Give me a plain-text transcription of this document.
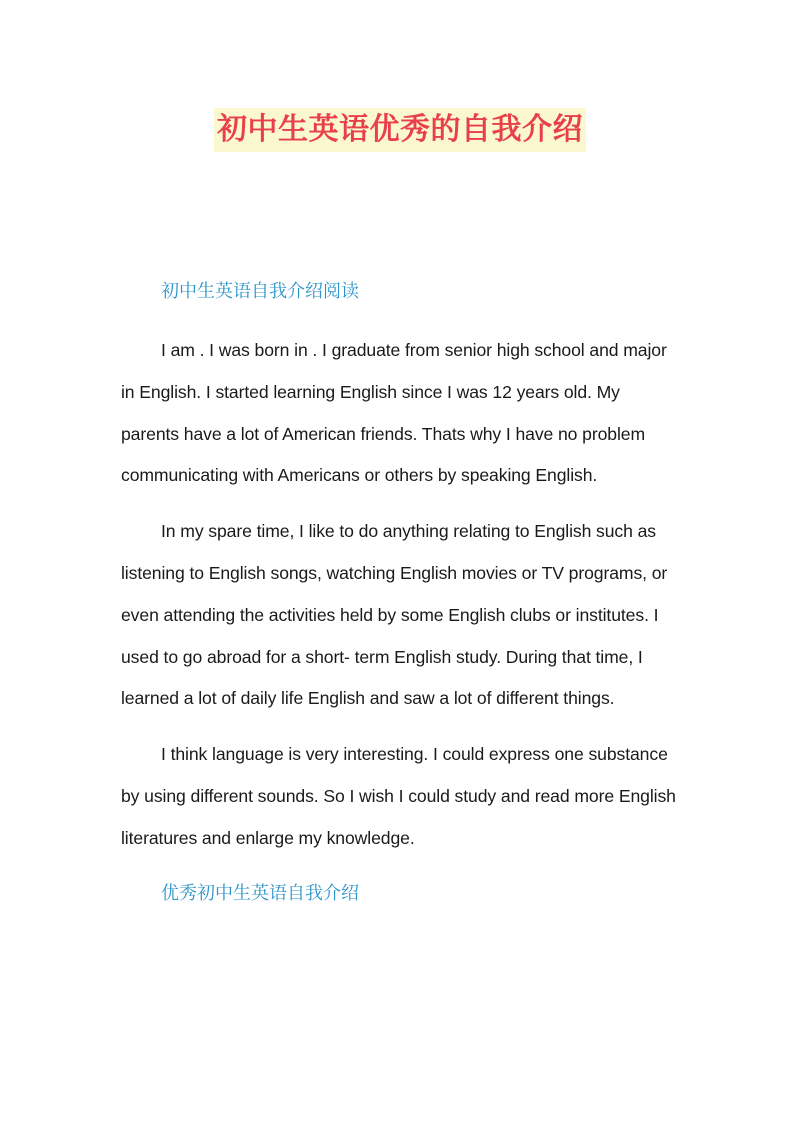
初中生英语优秀的自我介绍

初中生英语自我介绍阅读

I am . I was born in . I graduate from senior high school and major in English. I started learning English since I was 12 years old. My parents have a lot of American friends. Thats why I have no problem communicating with Americans or others by speaking English.

In my spare time, I like to do anything relating to English such as listening to English songs, watching English movies or TV programs, or even attending the activities held by some English clubs or institutes. I used to go abroad for a short- term English study. During that time, I learned a lot of daily life English and saw a lot of different things.

I think language is very interesting. I could express one substance by using different sounds. So I wish I could study and read more English literatures and enlarge my knowledge.

优秀初中生英语自我介绍
